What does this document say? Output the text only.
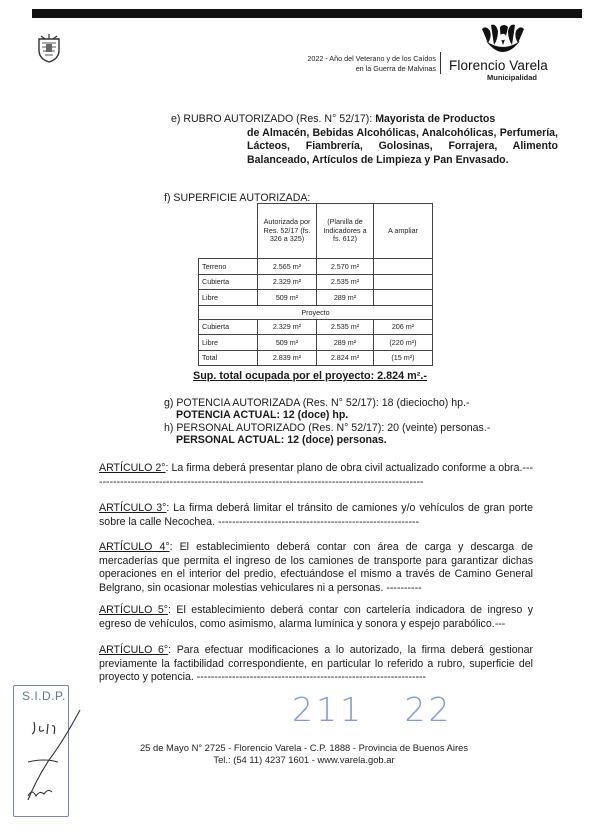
2022 - Año del Veterano y de los Caídos
en la Guerra de Malvinas Florencio Varela
Municipalidad
e) RUBRO AUTORIZADO (Res. N° 52/17): Mayorista de Productos
de Almacén, Bebidas Alcohólicas, Analcohólicas, Perfumería, Lácteos, Fiambrería, Golosinas, Forrajera, Alimento Balanceado, Artículos de Limpieza y Pan Envasado.
f) SUPERFICIE AUTORIZADA:
	Autorizada por Res. 52/17 (fs. 326 a 325)	(Planilla de Indicadores a fs. 612)	A ampliar
Terreno	2.565 m²	2.570 m²	
Cubierta	2.329 m²	2.535 m²	
Libre	509 m²	289 m²	
Proyecto			
Cubierta	2.329 m²	2.535 m²	206 m²
Libre	509 m²	289 m²	(220 m²)
Total	2.839 m²	2.824 m²	(15 m²)
Sup. total ocupada por el proyecto: 2.824 m².-
g) POTENCIA AUTORIZADA (Res. N° 52/17): 18 (dieciocho) hp.-
POTENCIA ACTUAL: 12 (doce) hp.
h) PERSONAL AUTORIZADO (Res. N° 52/17): 20 (veinte) personas.-
PERSONAL ACTUAL: 12 (doce) personas.
ARTÍCULO 2°: La firma deberá presentar plano de obra civil actualizado conforme a obra.-----------------------------------------------------------------------------------------------
ARTÍCULO 3°: La firma deberá limitar el tránsito de camiones y/o vehículos de gran porte sobre la calle Necochea. ---------------------------------------------------------
ARTÍCULO 4°: El establecimiento deberá contar con área de carga y descarga de mercaderías que permita el ingreso de los camiones de transporte para garantizar dichas operaciones en el interior del predio, efectuándose el mismo a través de Camino General Belgrano, sin ocasionar molestias vehiculares ni a personas. ----------
ARTÍCULO 5°: El establecimiento deberá contar con cartelería indicadora de ingreso y egreso de vehículos, como asimismo, alarma lumínica y sonora y espejo parabólico.---
ARTÍCULO 6°: Para efectuar modificaciones a lo autorizado, la firma deberá gestionar previamente la factibilidad correspondiente, en particular lo referido a rubro, superficie del proyecto y potencia. -----------------------------------------------------------------
211   22
S.I.D.P.
25 de Mayo N° 2725 - Florencio Varela - C.P. 1888 - Provincia de Buenos Aires
Tel.: (54 11) 4237 1601 - www.varela.gob.ar
